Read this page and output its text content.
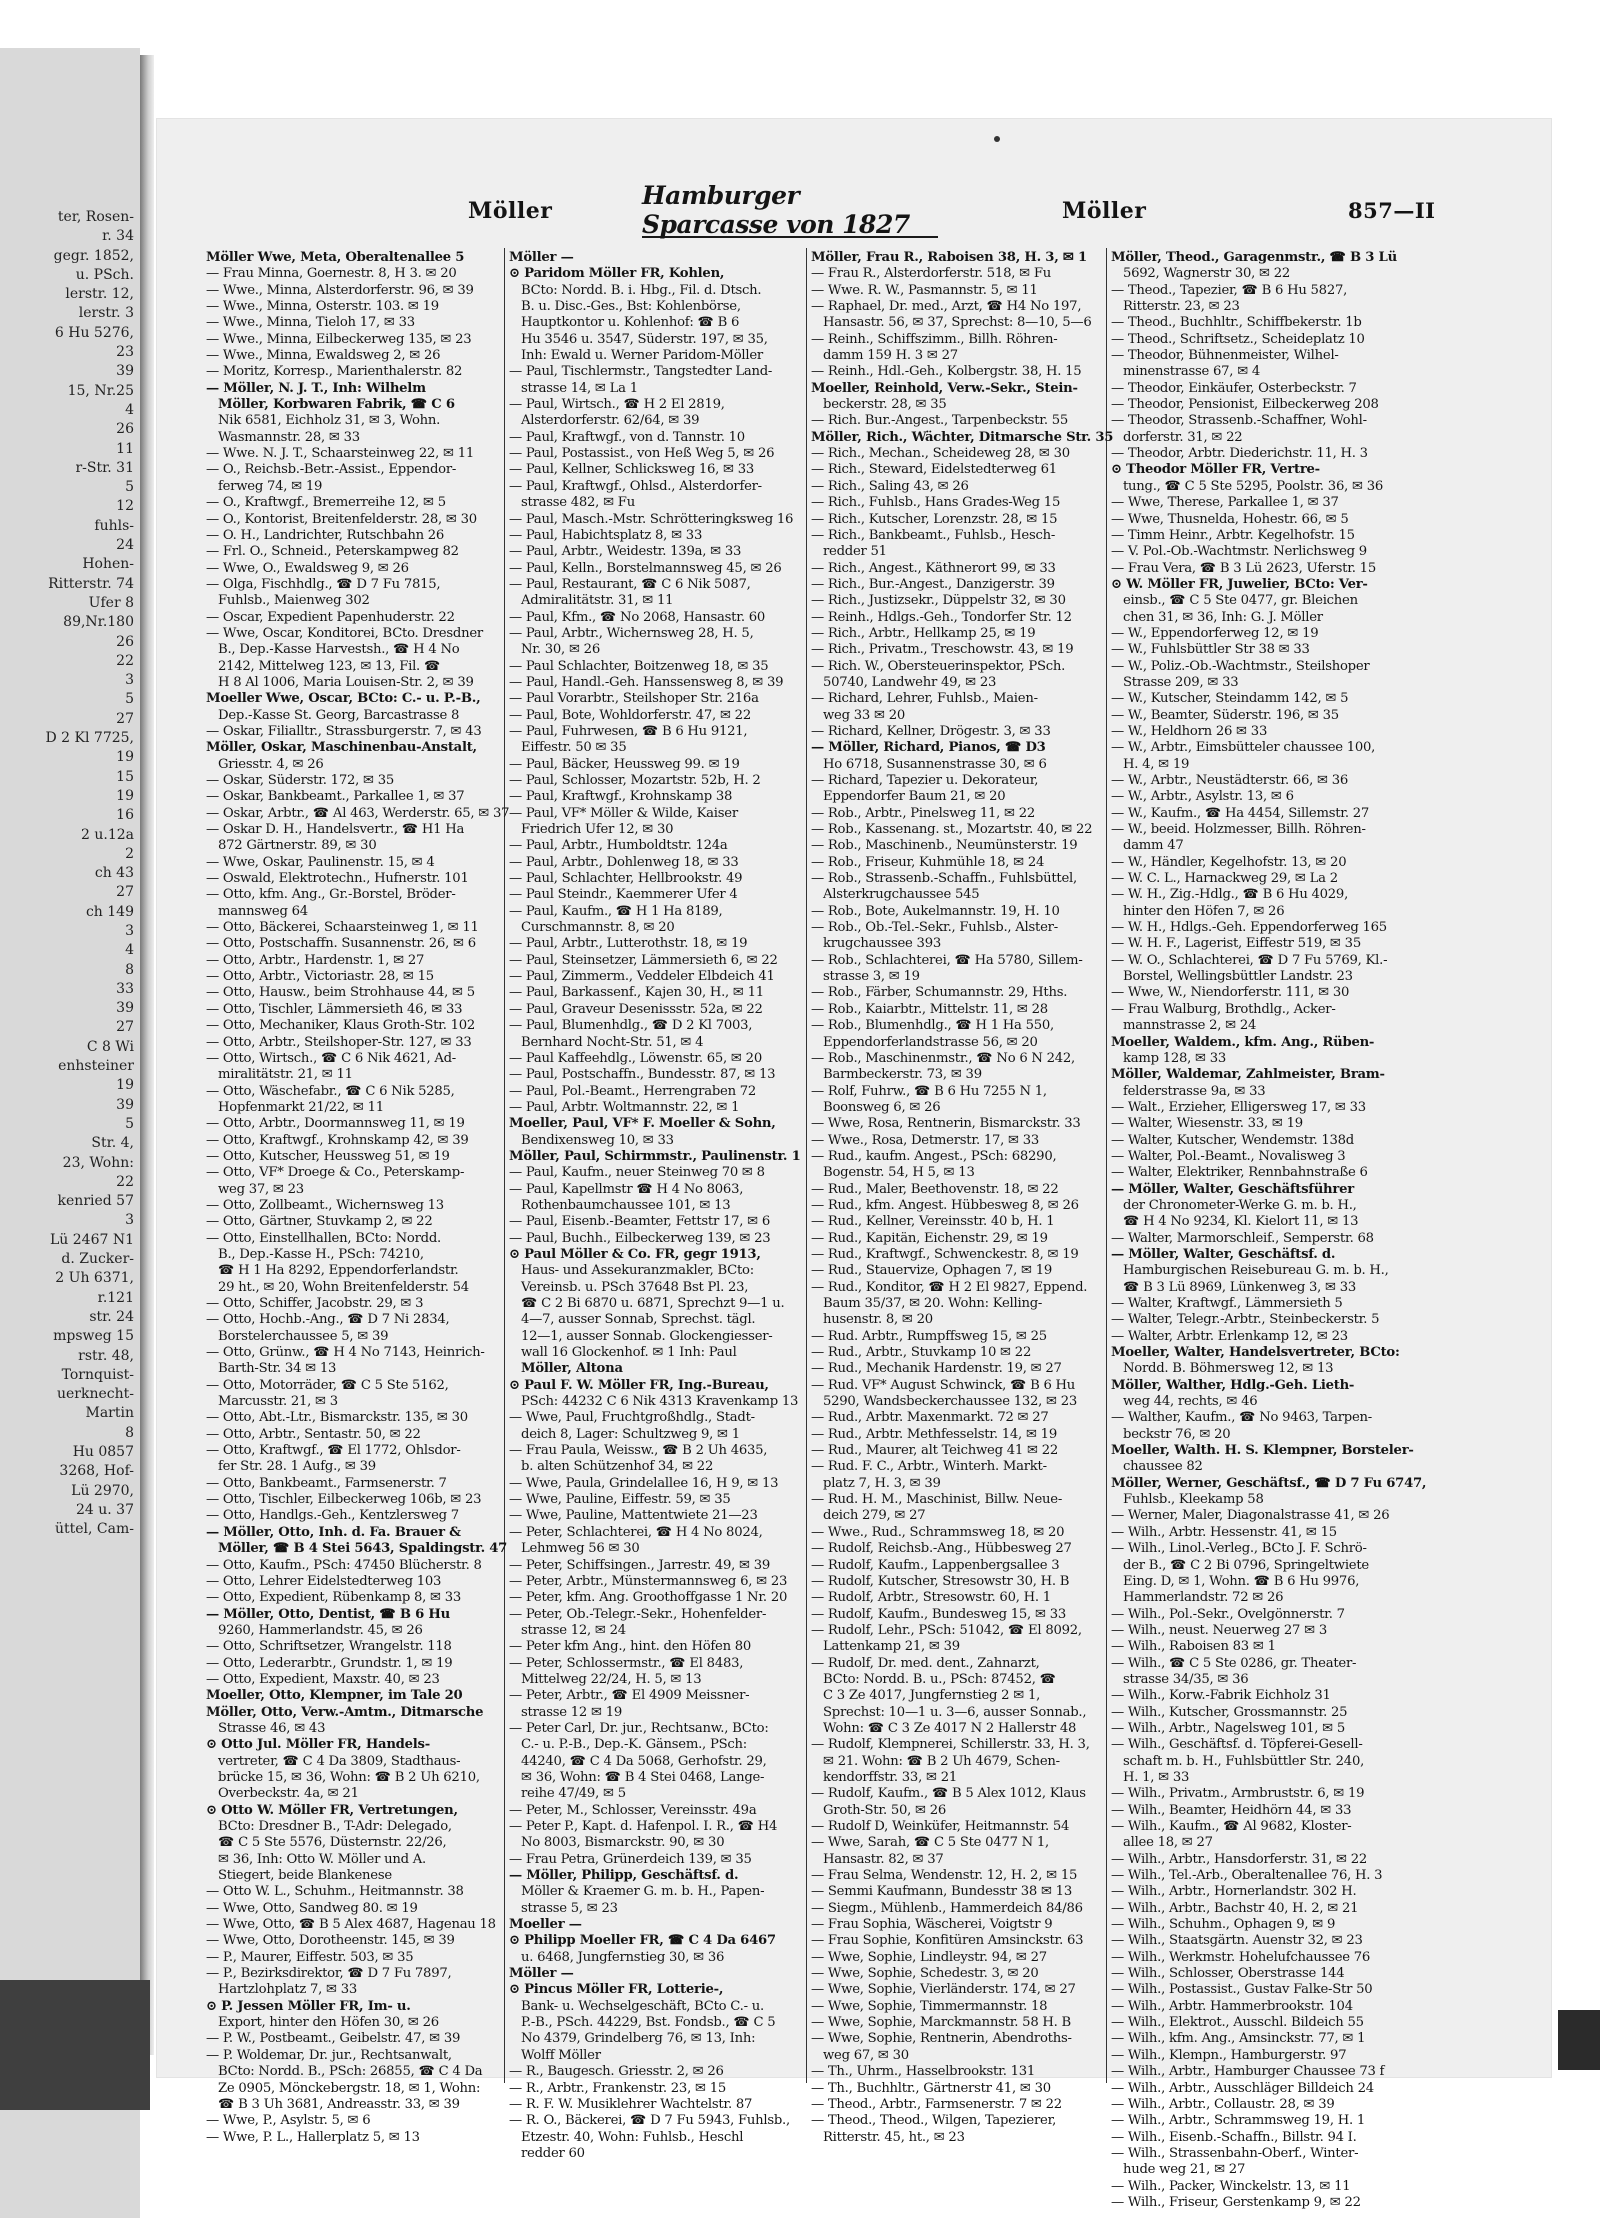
ter, Rosen-
r. 34
gegr. 1852,
u. PSch.
lerstr. 12,
lerstr. 3
6 Hu 5276,
23
39
15, Nr.25
4
26
11
r-Str. 31
5
12
fuhls-
24
Hohen-
Ritterstr. 74
Ufer 8
89,Nr.180
26
22
3
5
27
D 2 Kl 7725,
19
15
19
16
2 u.12a
2
ch 43
27
ch 149
3
4
8
33
39
27
C 8 Wi
enhsteiner
19
39
5
Str. 4,
23, Wohn:
22
kenried 57
3
Lü 2467 N1
d. Zucker-
2 Uh 6371,
r.121
str. 24
mpsweg 15
rstr. 48,
Tornquist-
uerknecht-
Martin
8
Hu 0857
3268, Hof-
Lü 2970,
24 u. 37
üttel, Cam-
Möller
Hamburger Sparcasse von 1827	Möller	857—II
Möller Wwe, Meta, Oberaltenallee 5
— Frau Minna, Goernestr. 8, H 3. ✉ 20
— Wwe., Minna, Alsterdorferstr. 96, ✉ 39
— Wwe., Minna, Osterstr. 103. ✉ 19
— Wwe., Minna, Tieloh 17, ✉ 33
— Wwe., Minna, Eilbeckerweg 135, ✉ 23
— Wwe., Minna, Ewaldsweg 2, ✉ 26
— Moritz, Korresp., Marienthalerstr. 82
— Möller, N. J. T., Inh: Wilhelm
Möller, Korbwaren Fabrik, ☎ C 6
Nik 6581, Eichholz 31, ✉ 3, Wohn.
Wasmannstr. 28, ✉ 33
— Wwe. N. J. T., Schaarsteinweg 22, ✉ 11
— O., Reichsb.-Betr.-Assist., Eppendor-
ferweg 74, ✉ 19
— O., Kraftwgf., Bremerreihe 12, ✉ 5
— O., Kontorist, Breitenfelderstr. 28, ✉ 30
— O. H., Landrichter, Rutschbahn 26
— Frl. O., Schneid., Peterskampweg 82
— Wwe, O., Ewaldsweg 9, ✉ 26
— Olga, Fischhdlg., ☎ D 7 Fu 7815,
Fuhlsb., Maienweg 302
— Oscar, Expedient Papenhuderstr. 22
— Wwe, Oscar, Konditorei, BCto. Dresdner
B., Dep.-Kasse Harvestsh., ☎ H 4 No
2142, Mittelweg 123, ✉ 13, Fil. ☎
H 8 Al 1006, Maria Louisen-Str. 2, ✉ 39
Moeller Wwe, Oscar, BCto: C.- u. P.-B.,
Dep.-Kasse St. Georg, Barcastrasse 8
— Oskar, Filialltr., Strassburgerstr. 7, ✉ 43
Möller, Oskar, Maschinenbau-Anstalt,
Griesstr. 4, ✉ 26
— Oskar, Süderstr. 172, ✉ 35
— Oskar, Bankbeamt., Parkallee 1, ✉ 37
— Oskar, Arbtr., ☎ Al 463, Werderstr. 65, ✉ 37
— Oskar D. H., Handelsvertr., ☎ H1 Ha
872 Gärtnerstr. 89, ✉ 30
— Wwe, Oskar, Paulinenstr. 15, ✉ 4
— Oswald, Elektrotechn., Hufnerstr. 101
— Otto, kfm. Ang., Gr.-Borstel, Bröder-
mannsweg 64
— Otto, Bäckerei, Schaarsteinweg 1, ✉ 11
— Otto, Postschaffn. Susannenstr. 26, ✉ 6
— Otto, Arbtr., Hardenstr. 1, ✉ 27
— Otto, Arbtr., Victoriastr. 28, ✉ 15
— Otto, Hausw., beim Strohhause 44, ✉ 5
— Otto, Tischler, Lämmersieth 46, ✉ 33
— Otto, Mechaniker, Klaus Groth-Str. 102
— Otto, Arbtr., Steilshoper-Str. 127, ✉ 33
— Otto, Wirtsch., ☎ C 6 Nik 4621, Ad-
miralitätstr. 21, ✉ 11
— Otto, Wäschefabr., ☎ C 6 Nik 5285,
Hopfenmarkt 21/22, ✉ 11
— Otto, Arbtr., Doormannsweg 11, ✉ 19
— Otto, Kraftwgf., Krohnskamp 42, ✉ 39
— Otto, Kutscher, Heussweg 51, ✉ 19
— Otto, VF* Droege & Co., Peterskamp-
weg 37, ✉ 23
— Otto, Zollbeamt., Wichernsweg 13
— Otto, Gärtner, Stuvkamp 2, ✉ 22
— Otto, Einstellhallen, BCto: Nordd.
B., Dep.-Kasse H., PSch: 74210,
☎ H 1 Ha 8292, Eppendorferlandstr.
29 ht., ✉ 20, Wohn Breitenfelderstr. 54
— Otto, Schiffer, Jacobstr. 29, ✉ 3
— Otto, Hochb.-Ang., ☎ D 7 Ni 2834,
Borstelerchaussee 5, ✉ 39
— Otto, Grünw., ☎ H 4 No 7143, Heinrich-
Barth-Str. 34 ✉ 13
— Otto, Motorräder, ☎ C 5 Ste 5162,
Marcusstr. 21, ✉ 3
— Otto, Abt.-Ltr., Bismarckstr. 135, ✉ 30
— Otto, Arbtr., Sentastr. 50, ✉ 22
— Otto, Kraftwgf., ☎ El 1772, Ohlsdor-
fer Str. 28. 1 Aufg., ✉ 39
— Otto, Bankbeamt., Farmsenerstr. 7
— Otto, Tischler, Eilbeckerweg 106b, ✉ 23
— Otto, Handlgs.-Geh., Kentzlersweg 7
— Möller, Otto, Inh. d. Fa. Brauer &
Möller, ☎ B 4 Stei 5643, Spaldingstr. 47
— Otto, Kaufm., PSch: 47450 Blücherstr. 8
— Otto, Lehrer Eidelstedterweg 103
— Otto, Expedient, Rübenkamp 8, ✉ 33
— Möller, Otto, Dentist, ☎ B 6 Hu
9260, Hammerlandstr. 45, ✉ 26
— Otto, Schriftsetzer, Wrangelstr. 118
— Otto, Lederarbtr., Grundstr. 1, ✉ 19
— Otto, Expedient, Maxstr. 40, ✉ 23
Moeller, Otto, Klempner, im Tale 20
Möller, Otto, Verw.-Amtm., Ditmarsche
Strasse 46, ✉ 43
⊙ Otto Jul. Möller FR, Handels-
vertreter, ☎ C 4 Da 3809, Stadthaus-
brücke 15, ✉ 36, Wohn: ☎ B 2 Uh 6210,
Overbeckstr. 4a, ✉ 21
⊙ Otto W. Möller FR, Vertretungen,
BCto: Dresdner B., T-Adr: Delegado,
☎ C 5 Ste 5576, Düsternstr. 22/26,
✉ 36, Inh: Otto W. Möller und A.
Stiegert, beide Blankenese
— Otto W. L., Schuhm., Heitmannstr. 38
— Wwe, Otto, Sandweg 80. ✉ 19
— Wwe, Otto, ☎ B 5 Alex 4687, Hagenau 18
— Wwe, Otto, Dorotheenstr. 145, ✉ 39
— P., Maurer, Eiffestr. 503, ✉ 35
— P., Bezirksdirektor, ☎ D 7 Fu 7897,
Hartzlohplatz 7, ✉ 33
⊙ P. Jessen Möller FR, Im- u.
Export, hinter den Höfen 30, ✉ 26
— P. W., Postbeamt., Geibelstr. 47, ✉ 39
— P. Woldemar, Dr. jur., Rechtsanwalt,
BCto: Nordd. B., PSch: 26855, ☎ C 4 Da
Ze 0905, Mönckebergstr. 18, ✉ 1, Wohn:
☎ B 3 Uh 3681, Andreasstr. 33, ✉ 39
— Wwe, P., Asylstr. 5, ✉ 6
— Wwe, P. L., Hallerplatz 5, ✉ 13
Möller —
⊙ Paridom Möller FR, Kohlen,
BCto: Nordd. B. i. Hbg., Fil. d. Dtsch.
B. u. Disc.-Ges., Bst: Kohlenbörse,
Hauptkontor u. Kohlenhof: ☎ B 6
Hu 3546 u. 3547, Süderstr. 197, ✉ 35,
Inh: Ewald u. Werner Paridom-Möller
— Paul, Tischlermstr., Tangstedter Land-
strasse 14, ✉ La 1
— Paul, Wirtsch., ☎ H 2 El 2819,
Alsterdorferstr. 62/64, ✉ 39
— Paul, Kraftwgf., von d. Tannstr. 10
— Paul, Postassist., von Heß Weg 5, ✉ 26
— Paul, Kellner, Schlicksweg 16, ✉ 33
— Paul, Kraftwgf., Ohlsd., Alsterdorfer-
strasse 482, ✉ Fu
— Paul, Masch.-Mstr. Schrötteringksweg 16
— Paul, Habichtsplatz 8, ✉ 33
— Paul, Arbtr., Weidestr. 139a, ✉ 33
— Paul, Kelln., Borstelmannsweg 45, ✉ 26
— Paul, Restaurant, ☎ C 6 Nik 5087,
Admiralitätstr. 31, ✉ 11
— Paul, Kfm., ☎ No 2068, Hansastr. 60
— Paul, Arbtr., Wichernsweg 28, H. 5,
Nr. 30, ✉ 26
— Paul Schlachter, Boitzenweg 18, ✉ 35
— Paul, Handl.-Geh. Hanssensweg 8, ✉ 39
— Paul Vorarbtr., Steilshoper Str. 216a
— Paul, Bote, Wohldorferstr. 47, ✉ 22
— Paul, Fuhrwesen, ☎ B 6 Hu 9121,
Eiffestr. 50 ✉ 35
— Paul, Bäcker, Heussweg 99. ✉ 19
— Paul, Schlosser, Mozartstr. 52b, H. 2
— Paul, Kraftwgf., Krohnskamp 38
— Paul, VF* Möller & Wilde, Kaiser
Friedrich Ufer 12, ✉ 30
— Paul, Arbtr., Humboldtstr. 124a
— Paul, Arbtr., Dohlenweg 18, ✉ 33
— Paul, Schlachter, Hellbrookstr. 49
— Paul Steindr., Kaemmerer Ufer 4
— Paul, Kaufm., ☎ H 1 Ha 8189,
Curschmannstr. 8, ✉ 20
— Paul, Arbtr., Lutterothstr. 18, ✉ 19
— Paul, Steinsetzer, Lämmersieth 6, ✉ 22
— Paul, Zimmerm., Veddeler Elbdeich 41
— Paul, Barkassenf., Kajen 30, H., ✉ 11
— Paul, Graveur Desenissstr. 52a, ✉ 22
— Paul, Blumenhdlg., ☎ D 2 Kl 7003,
Bernhard Nocht-Str. 51, ✉ 4
— Paul Kaffeehdlg., Löwenstr. 65, ✉ 20
— Paul, Postschaffn., Bundesstr. 87, ✉ 13
— Paul, Pol.-Beamt., Herrengraben 72
— Paul, Arbtr. Woltmannstr. 22, ✉ 1
Moeller, Paul, VF* F. Moeller & Sohn,
Bendixensweg 10, ✉ 33
Möller, Paul, Schirmmstr., Paulinenstr. 1
— Paul, Kaufm., neuer Steinweg 70 ✉ 8
— Paul, Kapellmstr ☎ H 4 No 8063,
Rothenbaumchaussee 101, ✉ 13
— Paul, Eisenb.-Beamter, Fettstr 17, ✉ 6
— Paul, Buchh., Eilbeckerweg 139, ✉ 23
⊙ Paul Möller & Co. FR, gegr 1913,
Haus- und Assekuranzmakler, BCto:
Vereinsb. u. PSch 37648 Bst Pl. 23,
☎ C 2 Bi 6870 u. 6871, Sprechzt 9—1 u.
4—7, ausser Sonnab, Sprechst. tägl.
12—1, ausser Sonnab. Glockengiesser-
wall 16 Glockenhof. ✉ 1 Inh: Paul
Möller, Altona
⊙ Paul F. W. Möller FR, Ing.-Bureau,
PSch: 44232 C 6 Nik 4313 Kravenkamp 13
— Wwe, Paul, Fruchtgroßhdlg., Stadt-
deich 8, Lager: Schultzweg 9, ✉ 1
— Frau Paula, Weissw., ☎ B 2 Uh 4635,
b. alten Schützenhof 34, ✉ 22
— Wwe, Paula, Grindelallee 16, H 9, ✉ 13
— Wwe, Pauline, Eiffestr. 59, ✉ 35
— Wwe, Pauline, Mattentwiete 21—23
— Peter, Schlachterei, ☎ H 4 No 8024,
Lehmweg 56 ✉ 30
— Peter, Schiffsingen., Jarrestr. 49, ✉ 39
— Peter, Arbtr., Münstermannsweg 6, ✉ 23
— Peter, kfm. Ang. Groothoffgasse 1 Nr. 20
— Peter, Ob.-Telegr.-Sekr., Hohenfelder-
strasse 12, ✉ 24
— Peter kfm Ang., hint. den Höfen 80
— Peter, Schlossermstr., ☎ El 8483,
Mittelweg 22/24, H. 5, ✉ 13
— Peter, Arbtr., ☎ El 4909 Meissner-
strasse 12 ✉ 19
— Peter Carl, Dr. jur., Rechtsanw., BCto:
C.- u. P.-B., Dep.-K. Gänsem., PSch:
44240, ☎ C 4 Da 5068, Gerhofstr. 29,
✉ 36, Wohn: ☎ B 4 Stei 0468, Lange-
reihe 47/49, ✉ 5
— Peter, M., Schlosser, Vereinsstr. 49a
— Peter P., Kapt. d. Hafenpol. I. R., ☎ H4
No 8003, Bismarckstr. 90, ✉ 30
— Frau Petra, Grünerdeich 139, ✉ 35
— Möller, Philipp, Geschäftsf. d.
Möller & Kraemer G. m. b. H., Papen-
strasse 5, ✉ 23
Moeller —
⊙ Philipp Moeller FR, ☎ C 4 Da 6467
u. 6468, Jungfernstieg 30, ✉ 36
Möller —
⊙ Pincus Möller FR, Lotterie-,
Bank- u. Wechselgeschäft, BCto C.- u.
P.-B., PSch. 44229, Bst. Fondsb., ☎ C 5
No 4379, Grindelberg 76, ✉ 13, Inh:
Wolff Möller
— R., Baugesch. Griesstr. 2, ✉ 26
— R., Arbtr., Frankenstr. 23, ✉ 15
— R. F. W. Musiklehrer Wachtelstr. 87
— R. O., Bäckerei, ☎ D 7 Fu 5943, Fuhlsb.,
Etzestr. 40, Wohn: Fuhlsb., Heschl
redder 60
Möller, Frau R., Raboisen 38, H. 3, ✉ 1
— Frau R., Alsterdorferstr. 518, ✉ Fu
— Wwe. R. W., Pasmannstr. 5, ✉ 11
— Raphael, Dr. med., Arzt, ☎ H4 No 197,
Hansastr. 56, ✉ 37, Sprechst: 8—10, 5—6
— Reinh., Schiffszimm., Billh. Röhren-
damm 159 H. 3 ✉ 27
— Reinh., Hdl.-Geh., Kolbergstr. 38, H. 15
Moeller, Reinhold, Verw.-Sekr., Stein-
beckerstr. 28, ✉ 35
— Rich. Bur.-Angest., Tarpenbeckstr. 55
Möller, Rich., Wächter, Ditmarsche Str. 35
— Rich., Mechan., Scheideweg 28, ✉ 30
— Rich., Steward, Eidelstedterweg 61
— Rich., Saling 43, ✉ 26
— Rich., Fuhlsb., Hans Grades-Weg 15
— Rich., Kutscher, Lorenzstr. 28, ✉ 15
— Rich., Bankbeamt., Fuhlsb., Hesch-
redder 51
— Rich., Angest., Käthnerort 99, ✉ 33
— Rich., Bur.-Angest., Danzigerstr. 39
— Rich., Justizsekr., Düppelstr 32, ✉ 30
— Reinh., Hdlgs.-Geh., Tondorfer Str. 12
— Rich., Arbtr., Hellkamp 25, ✉ 19
— Rich., Privatm., Treschowstr. 43, ✉ 19
— Rich. W., Obersteuerinspektor, PSch.
50740, Landwehr 49, ✉ 23
— Richard, Lehrer, Fuhlsb., Maien-
weg 33 ✉ 20
— Richard, Kellner, Drögestr. 3, ✉ 33
— Möller, Richard, Pianos, ☎ D3
Ho 6718, Susannenstrasse 30, ✉ 6
— Richard, Tapezier u. Dekorateur,
Eppendorfer Baum 21, ✉ 20
— Rob., Arbtr., Pinelsweg 11, ✉ 22
— Rob., Kassenang. st., Mozartstr. 40, ✉ 22
— Rob., Maschinenb., Neumünsterstr. 19
— Rob., Friseur, Kuhmühle 18, ✉ 24
— Rob., Strassenb.-Schaffn., Fuhlsbüttel,
Alsterkrugchaussee 545
— Rob., Bote, Aukelmannstr. 19, H. 10
— Rob., Ob.-Tel.-Sekr., Fuhlsb., Alster-
krugchaussee 393
— Rob., Schlachterei, ☎ Ha 5780, Sillem-
strasse 3, ✉ 19
— Rob., Färber, Schumannstr. 29, Hths.
— Rob., Kaiarbtr., Mittelstr. 11, ✉ 28
— Rob., Blumenhdlg., ☎ H 1 Ha 550,
Eppendorferlandstrasse 56, ✉ 20
— Rob., Maschinenmstr., ☎ No 6 N 242,
Barmbeckerstr. 73, ✉ 39
— Rolf, Fuhrw., ☎ B 6 Hu 7255 N 1,
Boonsweg 6, ✉ 26
— Wwe, Rosa, Rentnerin, Bismarckstr. 33
— Wwe., Rosa, Detmerstr. 17, ✉ 33
— Rud., kaufm. Angest., PSch: 68290,
Bogenstr. 54, H 5, ✉ 13
— Rud., Maler, Beethovenstr. 18, ✉ 22
— Rud., kfm. Angest. Hübbesweg 8, ✉ 26
— Rud., Kellner, Vereinsstr. 40 b, H. 1
— Rud., Kapitän, Eichenstr. 29, ✉ 19
— Rud., Kraftwgf., Schwenckestr. 8, ✉ 19
— Rud., Stauervize, Ophagen 7, ✉ 19
— Rud., Konditor, ☎ H 2 El 9827, Eppend.
Baum 35/37, ✉ 20. Wohn: Kelling-
husenstr. 8, ✉ 20
— Rud. Arbtr., Rumpffsweg 15, ✉ 25
— Rud., Arbtr., Stuvkamp 10 ✉ 22
— Rud., Mechanik Hardenstr. 19, ✉ 27
— Rud. VF* August Schwinck, ☎ B 6 Hu
5290, Wandsbeckerchaussee 132, ✉ 23
— Rud., Arbtr. Maxenmarkt. 72 ✉ 27
— Rud., Arbtr. Methfesselstr. 14, ✉ 19
— Rud., Maurer, alt Teichweg 41 ✉ 22
— Rud. F. C., Arbtr., Winterh. Markt-
platz 7, H. 3, ✉ 39
— Rud. H. M., Maschinist, Billw. Neue-
deich 279, ✉ 27
— Wwe., Rud., Schrammsweg 18, ✉ 20
— Rudolf, Reichsb.-Ang., Hübbesweg 27
— Rudolf, Kaufm., Lappenbergsallee 3
— Rudolf, Kutscher, Stresowstr 30, H. B
— Rudolf, Arbtr., Stresowstr. 60, H. 1
— Rudolf, Kaufm., Bundesweg 15, ✉ 33
— Rudolf, Lehr., PSch: 51042, ☎ El 8092,
Lattenkamp 21, ✉ 39
— Rudolf, Dr. med. dent., Zahnarzt,
BCto: Nordd. B. u., PSch: 87452, ☎
C 3 Ze 4017, Jungfernstieg 2 ✉ 1,
Sprechst: 10—1 u. 3—6, ausser Sonnab.,
Wohn: ☎ C 3 Ze 4017 N 2 Hallerstr 48
— Rudolf, Klempnerei, Schillerstr. 33, H. 3,
✉ 21. Wohn: ☎ B 2 Uh 4679, Schen-
kendorffstr. 33, ✉ 21
— Rudolf, Kaufm., ☎ B 5 Alex 1012, Klaus
Groth-Str. 50, ✉ 26
— Rudolf D, Weinküfer, Heitmannstr. 54
— Wwe, Sarah, ☎ C 5 Ste 0477 N 1,
Hansastr. 82, ✉ 37
— Frau Selma, Wendenstr. 12, H. 2, ✉ 15
— Semmi Kaufmann, Bundesstr 38 ✉ 13
— Siegm., Mühlenb., Hammerdeich 84/86
— Frau Sophia, Wäscherei, Voigtstr 9
— Frau Sophie, Konfitüren Amsinckstr. 63
— Wwe, Sophie, Lindleystr. 94, ✉ 27
— Wwe, Sophie, Schedestr. 3, ✉ 20
— Wwe, Sophie, Vierländerstr. 174, ✉ 27
— Wwe, Sophie, Timmermannstr. 18
— Wwe, Sophie, Marckmannstr. 58 H. B
— Wwe, Sophie, Rentnerin, Abendroths-
weg 67, ✉ 30
— Th., Uhrm., Hasselbrookstr. 131
— Th., Buchhltr., Gärtnerstr 41, ✉ 30
— Theod., Arbtr., Farmsenerstr. 7 ✉ 22
— Theod., Theod., Wilgen, Tapezierer,
Ritterstr. 45, ht., ✉ 23
Möller, Theod., Garagenmstr., ☎ B 3 Lü
5692, Wagnerstr 30, ✉ 22
— Theod., Tapezier, ☎ B 6 Hu 5827,
Ritterstr. 23, ✉ 23
— Theod., Buchhltr., Schiffbekerstr. 1b
— Theod., Schriftsetz., Scheideplatz 10
— Theodor, Bühnenmeister, Wilhel-
minenstrasse 67, ✉ 4
— Theodor, Einkäufer, Osterbeckstr. 7
— Theodor, Pensionist, Eilbeckerweg 208
— Theodor, Strassenb.-Schaffner, Wohl-
dorferstr. 31, ✉ 22
— Theodor, Arbtr. Diederichstr. 11, H. 3
⊙ Theodor Möller FR, Vertre-
tung., ☎ C 5 Ste 5295, Poolstr. 36, ✉ 36
— Wwe, Therese, Parkallee 1, ✉ 37
— Wwe, Thusnelda, Hohestr. 66, ✉ 5
— Timm Heinr., Arbtr. Kegelhofstr. 15
— V. Pol.-Ob.-Wachtmstr. Nerlichsweg 9
— Frau Vera, ☎ B 3 Lü 2623, Uferstr. 15
⊙ W. Möller FR, Juwelier, BCto: Ver-
einsb., ☎ C 5 Ste 0477, gr. Bleichen
chen 31, ✉ 36, Inh: G. J. Möller
— W., Eppendorferweg 12, ✉ 19
— W., Fuhlsbüttler Str 38 ✉ 33
— W., Poliz.-Ob.-Wachtmstr., Steilshoper
Strasse 209, ✉ 33
— W., Kutscher, Steindamm 142, ✉ 5
— W., Beamter, Süderstr. 196, ✉ 35
— W., Heldhorn 26 ✉ 33
— W., Arbtr., Eimsbütteler chaussee 100,
H. 4, ✉ 19
— W., Arbtr., Neustädterstr. 66, ✉ 36
— W., Arbtr., Asylstr. 13, ✉ 6
— W., Kaufm., ☎ Ha 4454, Sillemstr. 27
— W., beeid. Holzmesser, Billh. Röhren-
damm 47
— W., Händler, Kegelhofstr. 13, ✉ 20
— W. C. L., Harnackweg 29, ✉ La 2
— W. H., Zig.-Hdlg., ☎ B 6 Hu 4029,
hinter den Höfen 7, ✉ 26
— W. H., Hdlgs.-Geh. Eppendorferweg 165
— W. H. F., Lagerist, Eiffestr 519, ✉ 35
— W. O., Schlachterei, ☎ D 7 Fu 5769, Kl.-
Borstel, Wellingsbüttler Landstr. 23
— Wwe, W., Niendorferstr. 111, ✉ 30
— Frau Walburg, Brothdlg., Acker-
mannstrasse 2, ✉ 24
Moeller, Waldem., kfm. Ang., Rüben-
kamp 128, ✉ 33
Möller, Waldemar, Zahlmeister, Bram-
felderstrasse 9a, ✉ 33
— Walt., Erzieher, Elligersweg 17, ✉ 33
— Walter, Wiesenstr. 33, ✉ 19
— Walter, Kutscher, Wendemstr. 138d
— Walter, Pol.-Beamt., Novalisweg 3
— Walter, Elektriker, Rennbahnstraße 6
— Möller, Walter, Geschäftsführer
der Chronometer-Werke G. m. b. H.,
☎ H 4 No 9234, Kl. Kielort 11, ✉ 13
— Walter, Marmorschleif., Semperstr. 68
— Möller, Walter, Geschäftsf. d.
Hamburgischen Reisebureau G. m. b. H.,
☎ B 3 Lü 8969, Lünkenweg 3, ✉ 33
— Walter, Kraftwgf., Lämmersieth 5
— Walter, Telegr.-Arbtr., Steinbeckerstr. 5
— Walter, Arbtr. Erlenkamp 12, ✉ 23
Moeller, Walter, Handelsvertreter, BCto:
Nordd. B. Böhmersweg 12, ✉ 13
Möller, Walther, Hdlg.-Geh. Lieth-
weg 44, rechts, ✉ 46
— Walther, Kaufm., ☎ No 9463, Tarpen-
beckstr 76, ✉ 20
Moeller, Walth. H. S. Klempner, Borsteler-
chaussee 82
Möller, Werner, Geschäftsf., ☎ D 7 Fu 6747,
Fuhlsb., Kleekamp 58
— Werner, Maler, Diagonalstrasse 41, ✉ 26
— Wilh., Arbtr. Hessenstr. 41, ✉ 15
— Wilh., Linol.-Verleg., BCto J. F. Schrö-
der B., ☎ C 2 Bi 0796, Springeltwiete
Eing. D, ✉ 1, Wohn. ☎ B 6 Hu 9976,
Hammerlandstr. 72 ✉ 26
— Wilh., Pol.-Sekr., Ovelgönnerstr. 7
— Wilh., neust. Neuerweg 27 ✉ 3
— Wilh., Raboisen 83 ✉ 1
— Wilh., ☎ C 5 Ste 0286, gr. Theater-
strasse 34/35, ✉ 36
— Wilh., Korw.-Fabrik Eichholz 31
— Wilh., Kutscher, Grossmannstr. 25
— Wilh., Arbtr., Nagelsweg 101, ✉ 5
— Wilh., Geschäftsf. d. Töpferei-Gesell-
schaft m. b. H., Fuhlsbüttler Str. 240,
H. 1, ✉ 33
— Wilh., Privatm., Armbruststr. 6, ✉ 19
— Wilh., Beamter, Heidhörn 44, ✉ 33
— Wilh., Kaufm., ☎ Al 9682, Kloster-
allee 18, ✉ 27
— Wilh., Arbtr., Hansdorferstr. 31, ✉ 22
— Wilh., Tel.-Arb., Oberaltenallee 76, H. 3
— Wilh., Arbtr., Hornerlandstr. 302 H.
— Wilh., Arbtr., Bachstr 40, H. 2, ✉ 21
— Wilh., Schuhm., Ophagen 9, ✉ 9
— Wilh., Staatsgärtn. Auenstr 32, ✉ 23
— Wilh., Werkmstr. Hohelufchaussee 76
— Wilh., Schlosser, Oberstrasse 144
— Wilh., Postassist., Gustav Falke-Str 50
— Wilh., Arbtr. Hammerbrookstr. 104
— Wilh., Elektrot., Ausschl. Bildeich 55
— Wilh., kfm. Ang., Amsinckstr. 77, ✉ 1
— Wilh., Klempn., Hamburgerstr. 97
— Wilh., Arbtr., Hamburger Chaussee 73 f
— Wilh., Arbtr., Ausschläger Billdeich 24
— Wilh., Arbtr., Collaustr. 28, ✉ 39
— Wilh., Arbtr., Schrammsweg 19, H. 1
— Wilh., Eisenb.-Schaffn., Billstr. 94 I.
— Wilh., Strassenbahn-Oberf., Winter-
hude weg 21, ✉ 27
— Wilh., Packer, Winckelstr. 13, ✉ 11
— Wilh., Friseur, Gerstenkamp 9, ✉ 22
